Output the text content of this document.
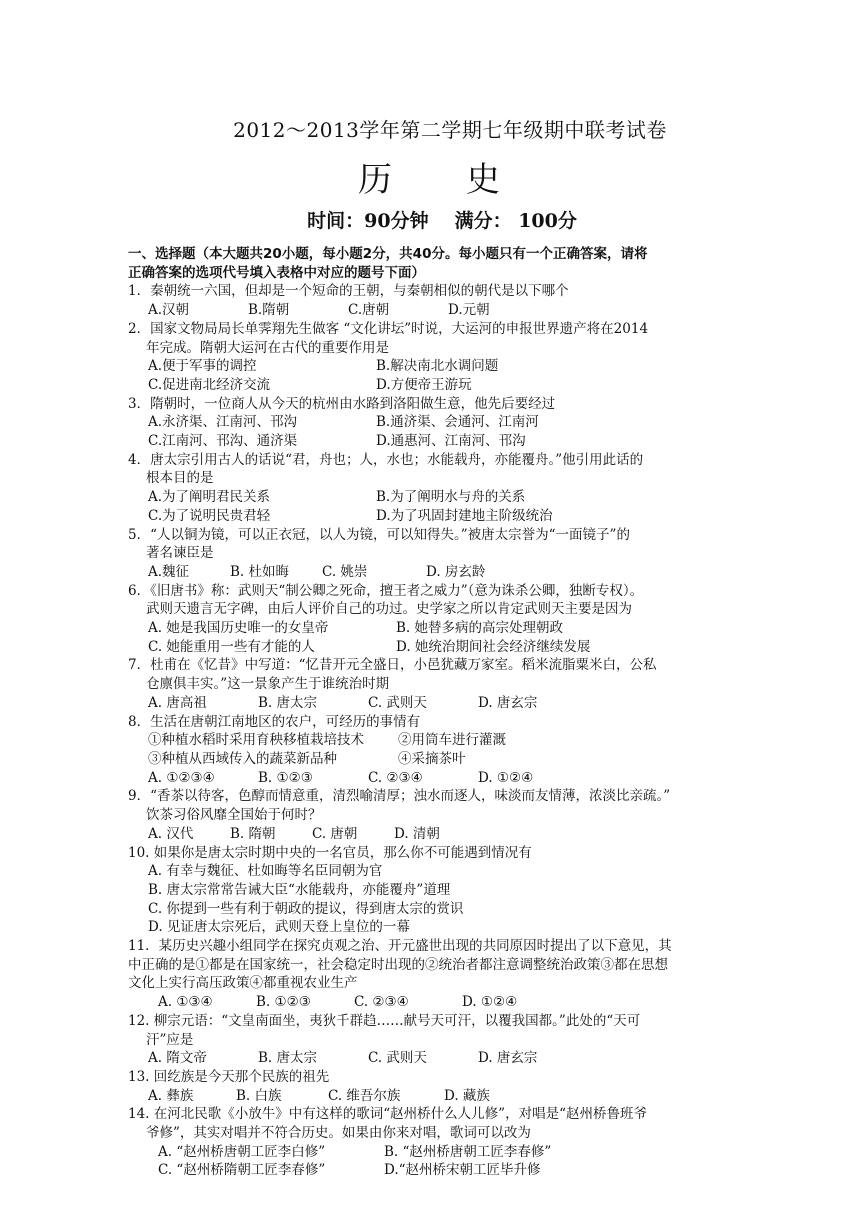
2012～2013学年第二学期七年级期中联考试卷
历　　史
时间：90分钟 满分： 100分
一、选择题（本大题共20小题，每小题2分，共40分。每小题只有一个正确答案，请将
正确答案的选项代号填入表格中对应的题号下面）
1．秦朝统一六国，但却是一个短命的王朝，与秦朝相似的朝代是以下哪个
A.汉朝	B.隋朝	C.唐朝	D.元朝
2．国家文物局局长单霁翔先生做客 “文化讲坛”时说，大运河的申报世界遗产将在2014
年完成。隋朝大运河在古代的重要作用是
A.便于军事的调控	B.解决南北水调问题
C.促进南北经济交流	D.方便帝王游玩
3．隋朝时，一位商人从今天的杭州由水路到洛阳做生意，他先后要经过
A.永济渠、江南河、邗沟	B.通济渠、会通河、江南河
C.江南河、邗沟、通济渠	D.通惠河、江南河、邗沟
4．唐太宗引用古人的话说“君，舟也；人，水也；水能载舟，亦能覆舟。”他引用此话的
根本目的是
A.为了阐明君民关系	B.为了阐明水与舟的关系
C.为了说明民贵君轻	D.为了巩固封建地主阶级统治
5．“人以铜为镜，可以正衣冠，以人为镜，可以知得失。”被唐太宗誉为“一面镜子”的
著名谏臣是
A.魏征	B. 杜如晦 C. 姚崇	D. 房玄龄
6．《旧唐书》称：武则天“制公卿之死命，擅王者之威力”（意为诛杀公卿，独断专权）。
武则天遗言无字碑，由后人评价自己的功过。史学家之所以肯定武则天主要是因为
A. 她是我国历史唯一的女皇帝	B. 她替多病的高宗处理朝政
C. 她能重用一些有才能的人	D. 她统治期间社会经济继续发展
7．杜甫在《忆昔》中写道：“忆昔开元全盛日，小邑犹藏万家室。稻米流脂粟米白，公私
仓廪俱丰实。”这一景象产生于谁统治时期
A. 唐高祖	B. 唐太宗	C. 武则天	D. 唐玄宗
8．生活在唐朝江南地区的农户，可经历的事情有
①种植水稻时采用育秧移植栽培技术	②用筒车进行灌溉
③种植从西域传入的蔬菜新品种	④采摘茶叶
A. ①②③④	B. ①②③	C. ②③④	D. ①②④
9．“香茶以待客，色醇而情意重，清烈喻清厚；浊水而逐人，味淡而友情薄，浓淡比亲疏。”
饮茶习俗风靡全国始于何时？
A. 汉代	B. 隋朝	C. 唐朝	D. 清朝
10. 如果你是唐太宗时期中央的一名官员，那么你不可能遇到情况有
A. 有幸与魏征、杜如晦等名臣同朝为官
B. 唐太宗常常告诫大臣“水能载舟，亦能覆舟”道理
C. 你提到一些有利于朝政的提议，得到唐太宗的赏识
D. 见证唐太宗死后，武则天登上皇位的一幕
11．某历史兴趣小组同学在探究贞观之治、开元盛世出现的共同原因时提出了以下意见，其
中正确的是①都是在国家统一，社会稳定时出现的②统治者都注意调整统治政策③都在思想
文化上实行高压政策④都重视农业生产
A. ①③④	B. ①②③	C. ②③④	D. ①②④
12. 柳宗元语：“文皇南面坐，夷狄千群趋……献号天可汗，以覆我国都。”此处的“天可
汗”应是
A. 隋文帝	B. 唐太宗	C. 武则天	D. 唐玄宗
13. 回纥族是今天那个民族的祖先
A. 彝族	B. 白族	C. 维吾尔族	D. 藏族
14. 在河北民歌《小放牛》中有这样的歌词“赵州桥什么人儿修”，对唱是“赵州桥鲁班爷
爷修”，其实对唱并不符合历史。如果由你来对唱，歌词可以改为
A. “赵州桥唐朝工匠李白修”	B. “赵州桥唐朝工匠李春修”
C. “赵州桥隋朝工匠李春修”	D.“赵州桥宋朝工匠毕升修
